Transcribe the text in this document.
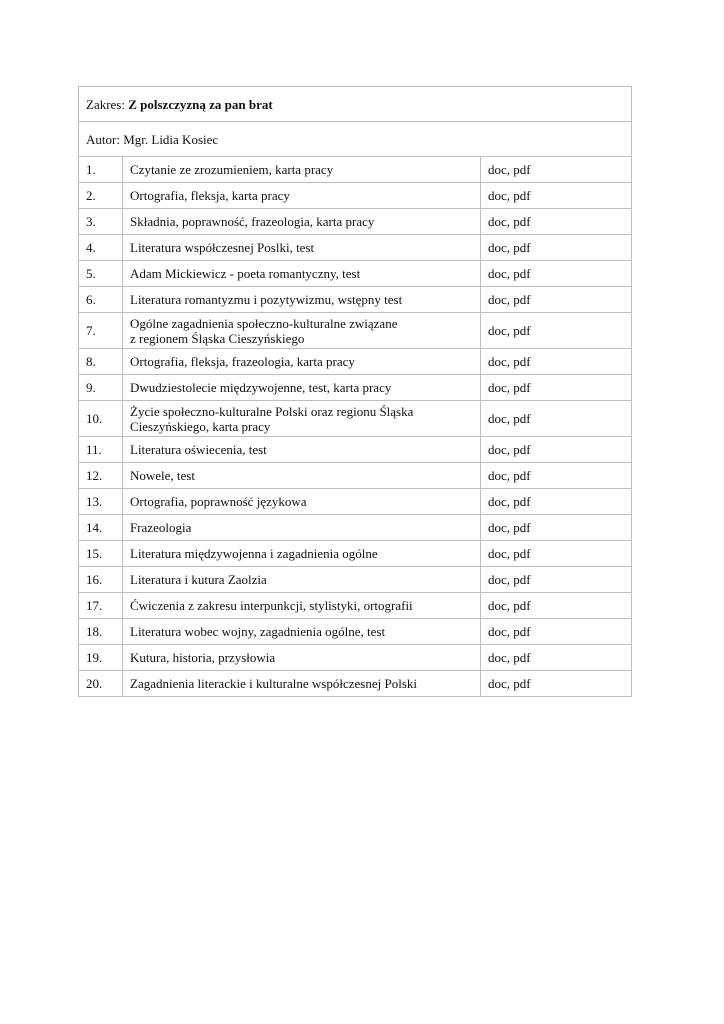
Zakres: Z polszczyzną za pan brat		
Autor: Mgr. Lidia Kosiec		
1.	Czytanie ze zrozumieniem, karta pracy	doc, pdf
2.	Ortografia, fleksja, karta pracy	doc, pdf
3.	Składnia, poprawność, frazeologia, karta pracy	doc, pdf
4.	Literatura współczesnej Poslki, test	doc, pdf
5.	Adam Mickiewicz - poeta romantyczny, test	doc, pdf
6.	Literatura romantyzmu i pozytywizmu, wstępny test	doc, pdf
7.	Ogólne zagadnienia społeczno-kulturalne związane
z regionem Śląska Cieszyńskiego	doc, pdf
8.	Ortografia, fleksja, frazeologia, karta pracy	doc, pdf
9.	Dwudziestolecie międzywojenne, test, karta pracy	doc, pdf
10.	Życie społeczno-kulturalne Polski oraz regionu Śląska
Cieszyńskiego, karta pracy	doc, pdf
11.	Literatura oświecenia, test	doc, pdf
12.	Nowele, test	doc, pdf
13.	Ortografia, poprawność językowa	doc, pdf
14.	Frazeologia	doc, pdf
15.	Literatura międzywojenna i zagadnienia ogólne	doc, pdf
16.	Literatura i kutura Zaolzia	doc, pdf
17.	Ćwiczenia z zakresu interpunkcji, stylistyki, ortografii	doc, pdf
18.	Literatura wobec wojny, zagadnienia ogólne, test	doc, pdf
19.	Kutura, historia, przysłowia	doc, pdf
20.	Zagadnienia literackie i kulturalne współczesnej Polski	doc, pdf
